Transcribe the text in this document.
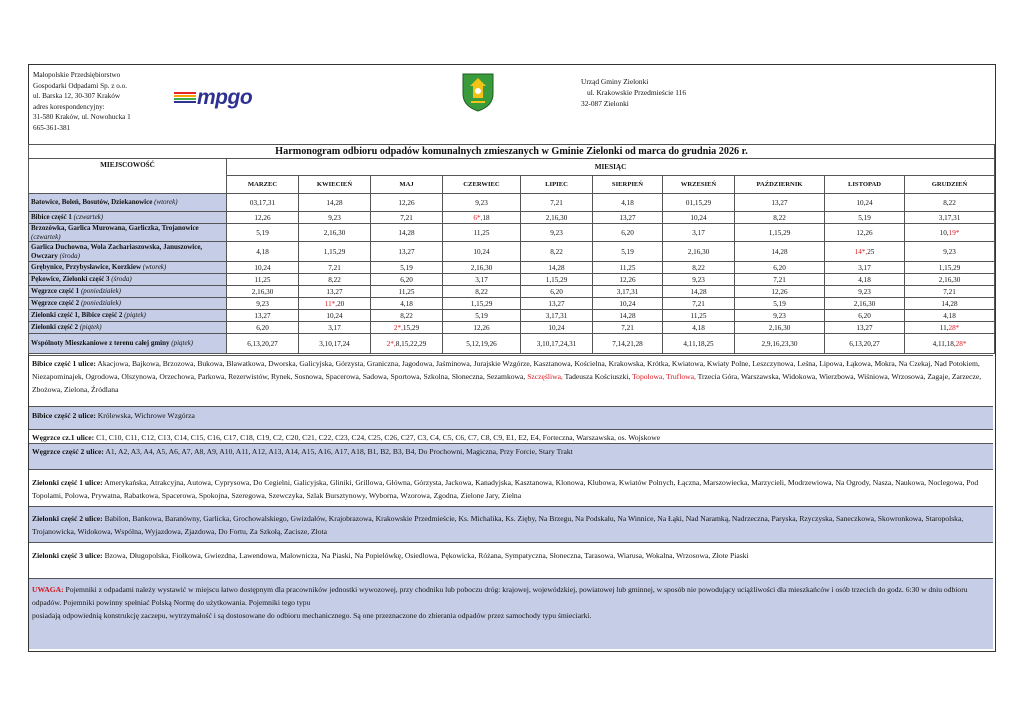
Małopolskie Przedsiębiorstwo
Gospodarki Odpadami Sp. z o.o.
ul. Barska 12, 30-307 Kraków
adres korespondencyjny:
31-580 Kraków, ul. Nowohucka 1
665-361-381
mpgo
Urząd Gminy Zielonki
ul. Krakowskie Przedmieście 116
32-087 Zielonki
Harmonogram odbioru odpadów komunalnych zmieszanych w Gminie Zielonki od marca do grudnia 2026 r.										
MIEJSCOWOŚĆ	MIESIĄC									
	MARZEC	KWIECIEŃ	MAJ	CZERWIEC	LIPIEC	SIERPIEŃ	WRZESIEŃ	PAŹDZIERNIK	LISTOPAD	GRUDZIEŃ
Batowice, Boleń, Bosutów, Dziekanowice (wtorek)	03,17,31	14,28	12,26	9,23	7,21	4,18	01,15,29	13,27	10,24	8,22
Bibice część 1 (czwartek)	12,26	9,23	7,21	6*,18	2,16,30	13,27	10,24	8,22	5,19	3,17,31
Brzozówka, Garlica Murowana, Garliczka, Trojanowice (czwartek)	5,19	2,16,30	14,28	11,25	9,23	6,20	3,17	1,15,29	12,26	10,19*
Garlica Duchowna, Wola Zachariaszowska, Januszowice, Owczary (środa)	4,18	1,15,29	13,27	10,24	8,22	5,19	2,16,30	14,28	14*,25	9,23
Grębynice, Przybysławice, Korzkiew (wtorek)	10,24	7,21	5,19	2,16,30	14,28	11,25	8,22	6,20	3,17	1,15,29
Pękowice, Zielonki część 3 (środa)	11,25	8,22	6,20	3,17	1,15,29	12,26	9,23	7,21	4,18	2,16,30
Węgrzce część 1 (poniedziałek)	2,16,30	13,27	11,25	8,22	6,20	3,17,31	14,28	12,26	9,23	7,21
Węgrzce część 2 (poniedziałek)	9,23	11*,20	4,18	1,15,29	13,27	10,24	7,21	5,19	2,16,30	14,28
Zielonki część 1, Bibice część 2 (piątek)	13,27	10,24	8,22	5,19	3,17,31	14,28	11,25	9,23	6,20	4,18
Zielonki część 2 (piątek)	6,20	3,17	2*,15,29	12,26	10,24	7,21	4,18	2,16,30	13,27	11,28*
Wspólnoty Mieszkaniowe z terenu całej gminy (piątek)	6,13,20,27	3,10,17,24	2*,8,15,22,29	5,12,19,26	3,10,17,24,31	7,14,21,28	4,11,18,25	2,9,16,23,30	6,13,20,27	4,11,18,28*
Bibice część 1 ulice: Akacjowa, Bajkowa, Brzozowa, Bukowa, Bławatkowa, Dworska, Galicyjska, Górzysta, Graniczna, Jagodowa, Jaśminowa, Jurajskie Wzgórze, Kasztanowa, Kościelna, Krakowska, Krótka, Kwiatowa, Kwiaty Polne, Leszczynowa, Leśna, Lipowa, Łąkowa, Mokra, Na Czekaj, Nad Potokiem, Niezapominajek, Ogrodowa, Olszynowa, Orzechowa, Parkowa, Rezerwistów, Rynek, Sosnowa, Spacerowa, Sadowa, Sportowa, Szkolna, Słoneczna, Sezamkowa, Szczęśliwa, Tadeusza Kościuszki, Topolowa, Truflowa, Trzecia Góra, Warszawska, Widokowa, Wierzbowa, Wiśniowa, Wrzosowa, Zagaje, Zarzecze, Zbożowa, Zielona, Źródlana
Bibice część 2 ulice: Królewska, Wichrowe Wzgórza
Węgrzce cz.1 ulice: C1, C10, C11, C12, C13, C14, C15, C16, C17, C18, C19, C2, C20, C21, C22, C23, C24, C25, C26, C27, C3, C4, C5, C6, C7, C8, C9, E1, E2, E4, Forteczna, Warszawska, os. Wojskowe
Węgrzce część 2 ulice: A1, A2, A3, A4, A5, A6, A7, A8, A9, A10, A11, A12, A13, A14, A15, A16, A17, A18, B1, B2, B3, B4, Do Prochowni, Magiczna, Przy Forcie, Stary Trakt
Zielonki część 1 ulice: Amerykańska, Atrakcyjna, Autowa, Cyprysowa, Do Cegielni, Galicyjska, Gliniki, Grillowa, Główna, Górzysta, Jackowa, Kanadyjska, Kasztanowa, Klonowa, Klubowa, Kwiatów Polnych, Łączna, Marszowiecka, Marzycieli, Modrzewiowa, Na Ogrody, Nasza, Naukowa, Noclegowa, Pod Topolami, Polowa, Prywatna, Rabatkowa, Spacerowa, Spokojna, Szeregowa, Szewczyka, Szlak Bursztynowy, Wyborna, Wzorowa, Zgodna, Zielone Jary, Zielna
Zielonki część 2 ulice: Babilon, Bankowa, Baranówny, Garlicka, Grochowalskiego, Gwizdałów, Krajobrazowa, Krakowskie Przedmieście, Ks. Michalika, Ks. Zięby, Na Brzegu, Na Podskalu, Na Winnice, Na Łąki, Nad Naramką, Nadrzeczna, Paryska, Rzyczyska, Saneczkowa, Skowronkowa, Staropolska, Trojanowicka, Widokowa, Wspólna, Wyjazdowa, Zjazdowa, Do Fortu, Za Szkołą, Zacisze, Złota
Zielonki część 3 ulice: Bzowa, Długopolska, Fiołkowa, Gwiezdna, Lawendowa, Malownicza, Na Piaski, Na Popielówkę, Osiedlowa, Pękowicka, Różana, Sympatyczna, Słoneczna, Tarasowa, Wiarusa, Wokalna, Wrzosowa, Złote Piaski
UWAGA: Pojemniki z odpadami należy wystawić w miejscu łatwo dostępnym dla pracowników jednostki wywozowej, przy chodniku lub poboczu dróg: krajowej, wojewódzkiej, powiatowej lub gminnej, w sposób nie powodujący uciążliwości dla mieszkańców i osób trzecich do godz. 6:30 w dniu odbioru odpadów. Pojemniki powinny spełniać Polską Normę do użytkowania. Pojemniki tego typu
posiadają odpowiednią konstrukcję zaczepu, wytrzymałość i są dostosowane do odbioru mechanicznego. Są one przeznaczone do zbierania odpadów przez samochody typu śmieciarki.
